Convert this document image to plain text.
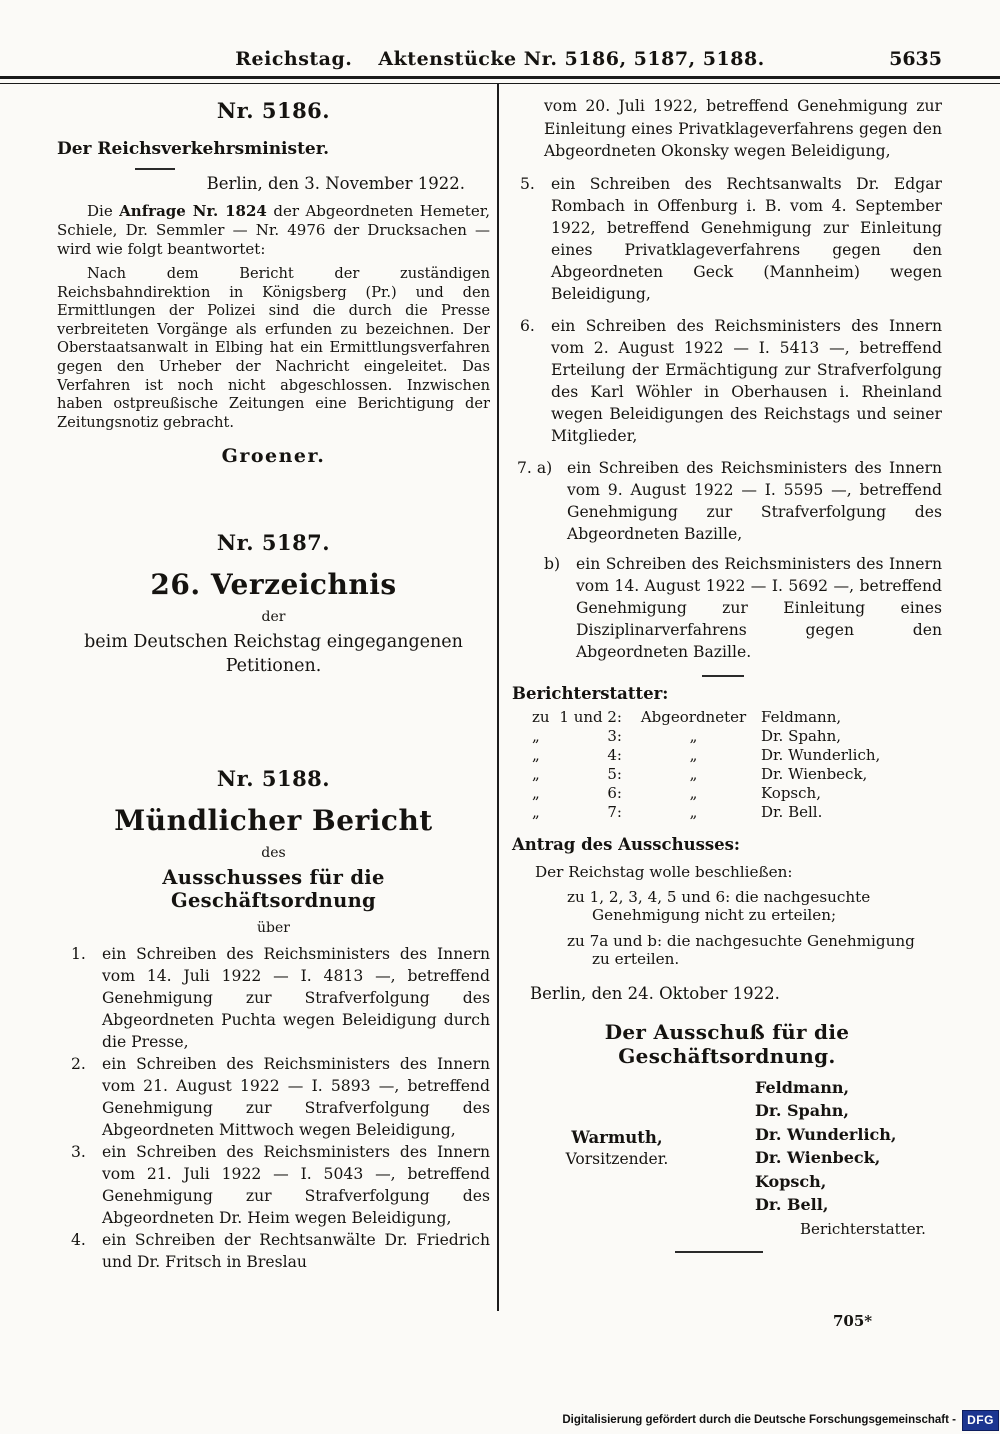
Reichstag. Aktenstücke Nr. 5186, 5187, 5188.	5635
Nr. 5186.
Der Reichsverkehrsminister.
Berlin, den 3. November 1922.

Die Anfrage Nr. 1824 der Abgeordneten Hemeter, Schiele, Dr. Semmler — Nr. 4976 der Drucksachen — wird wie folgt beantwortet:

Nach dem Bericht der zuständigen Reichsbahndirektion in Königsberg (Pr.) und den Ermittlungen der Polizei sind die durch die Presse verbreiteten Vorgänge als erfunden zu bezeichnen. Der Oberstaatsanwalt in Elbing hat ein Ermittlungsverfahren gegen den Urheber der Nachricht eingeleitet. Das Verfahren ist noch nicht abgeschlossen. Inzwischen haben ostpreußische Zeitungen eine Berichtigung der Zeitungsnotiz gebracht.

Groener.
Nr. 5187.
26. Verzeichnis
der
beim Deutschen Reichstag eingegangenen Petitionen.
Nr. 5188.
Mündlicher Bericht
des
Ausschusses für die Geschäftsordnung
über
1.	ein Schreiben des Reichsministers des Innern vom 14. Juli 1922 — I. 4813 —, betreffend Genehmigung zur Strafverfolgung des Abgeordneten Puchta wegen Beleidigung durch die Presse,
2.	ein Schreiben des Reichsministers des Innern vom 21. August 1922 — I. 5893 —, betreffend Genehmigung zur Strafverfolgung des Abgeordneten Mittwoch wegen Beleidigung,
3.	ein Schreiben des Reichsministers des Innern vom 21. Juli 1922 — I. 5043 —, betreffend Genehmigung zur Strafverfolgung des Abgeordneten Dr. Heim wegen Beleidigung,
4.	ein Schreiben der Rechtsanwälte Dr. Friedrich und Dr. Fritsch in Breslau
vom 20. Juli 1922, betreffend Genehmigung zur Einleitung eines Privatklageverfahrens gegen den Abgeordneten Okonsky wegen Beleidigung,
5.	ein Schreiben des Rechtsanwalts Dr. Edgar Rombach in Offenburg i. B. vom 4. September 1922, betreffend Genehmigung zur Einleitung eines Privatklageverfahrens gegen den Abgeordneten Geck (Mannheim) wegen Beleidigung,
6.	ein Schreiben des Reichsministers des Innern vom 2. August 1922 — I. 5413 —, betreffend Erteilung der Ermächtigung zur Strafverfolgung des Karl Wöhler in Oberhausen i. Rheinland wegen Beleidigungen des Reichstags und seiner Mitglieder,
7. a) ein Schreiben des Reichsministers des Innern vom 9. August 1922 — I. 5595 —, betreffend Genehmigung zur Strafverfolgung des Abgeordneten Bazille,
b)	ein Schreiben des Reichsministers des Innern vom 14. August 1922 — I. 5692 —, betreffend Genehmigung zur Einleitung eines Disziplinarverfahrens gegen den Abgeordneten Bazille.
Berichterstatter:
zu 1 und 2:	Abgeordneter Feldmann,
„	3:	„	Dr. Spahn,
„	4:	„	Dr. Wunderlich,
„	5:	„	Dr. Wienbeck,
„	6:	„	Kopsch,
„	7:	„	Dr. Bell.
Antrag des Ausschusses:
Der Reichstag wolle beschließen:
zu 1, 2, 3, 4, 5 und 6: die nachgesuchte Genehmigung nicht zu erteilen;
zu 7a und b: die nachgesuchte Genehmigung zu erteilen.
Berlin, den 24. Oktober 1922.
Der Ausschuß für die Geschäftsordnung.
Warmuth,
Vorsitzender.
Feldmann,
Dr. Spahn,
Dr. Wunderlich,
Dr. Wienbeck,
Kopsch,
Dr. Bell,
Berichterstatter.
705*
Digitalisierung gefördert durch die Deutsche Forschungsgemeinschaft - DFG
